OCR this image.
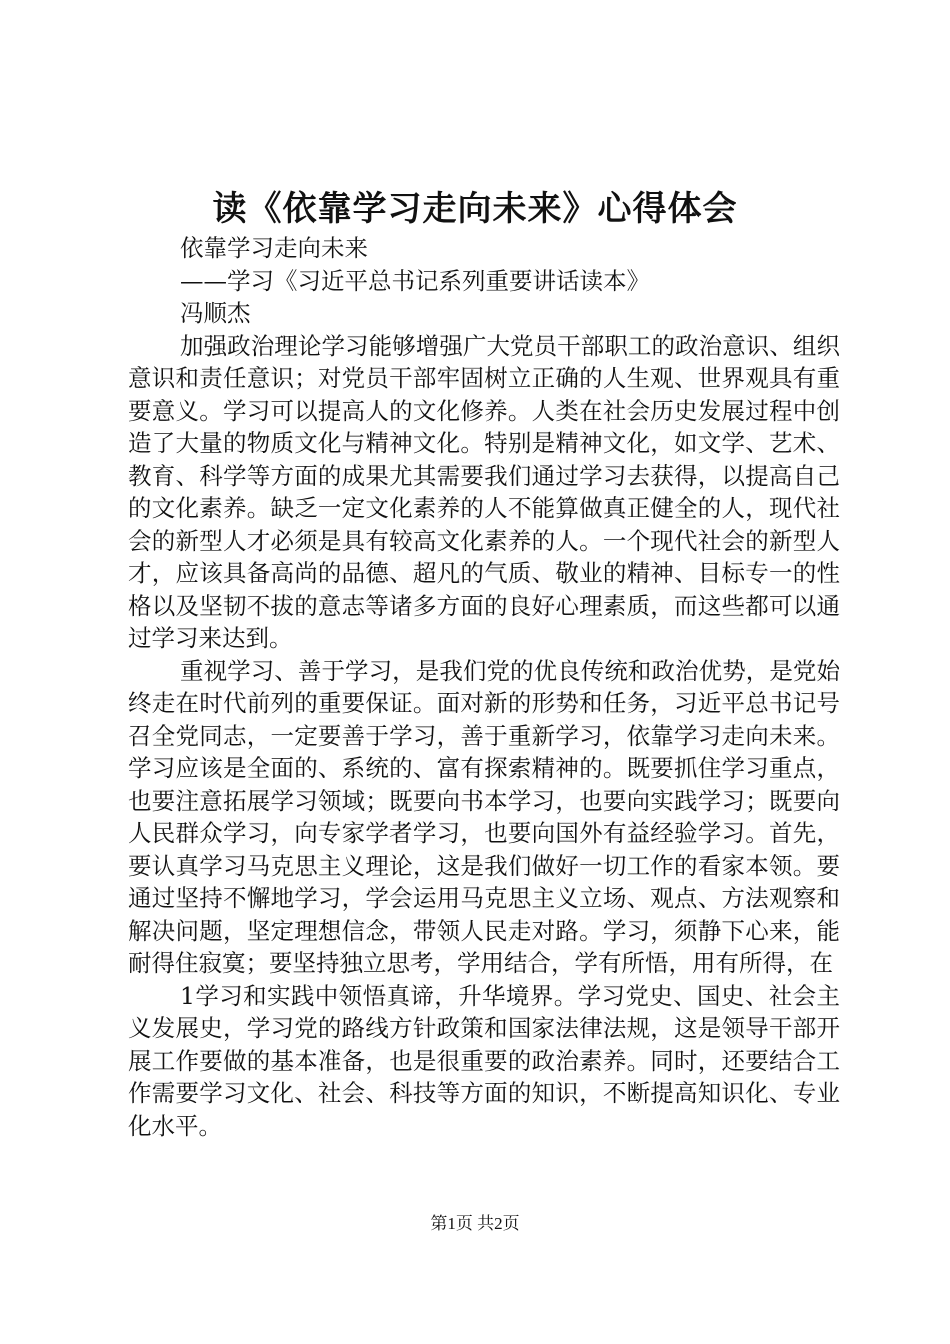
读《依靠学习走向未来》心得体会
依靠学习走向未来
——学习《习近平总书记系列重要讲话读本》
冯顺杰

加强政治理论学习能够增强广大党员干部职工的政治意识、组织意识和责任意识；对党员干部牢固树立正确的人生观、世界观具有重要意义。学习可以提高人的文化修养。人类在社会历史发展过程中创造了大量的物质文化与精神文化。特别是精神文化，如文学、艺术、教育、科学等方面的成果尤其需要我们通过学习去获得，以提高自己的文化素养。缺乏一定文化素养的人不能算做真正健全的人，现代社会的新型人才必须是具有较高文化素养的人。一个现代社会的新型人才，应该具备高尚的品德、超凡的气质、敬业的精神、目标专一的性格以及坚韧不拔的意志等诸多方面的良好心理素质，而这些都可以通过学习来达到。

重视学习、善于学习，是我们党的优良传统和政治优势，是党始终走在时代前列的重要保证。面对新的形势和任务，习近平总书记号召全党同志，一定要善于学习，善于重新学习，依靠学习走向未来。学习应该是全面的、系统的、富有探索精神的。既要抓住学习重点，也要注意拓展学习领域；既要向书本学习，也要向实践学习；既要向人民群众学习，向专家学者学习，也要向国外有益经验学习。首先，要认真学习马克思主义理论，这是我们做好一切工作的看家本领。要通过坚持不懈地学习，学会运用马克思主义立场、观点、方法观察和解决问题，坚定理想信念，带领人民走对路。学习，须静下心来，能耐得住寂寞；要坚持独立思考，学用结合，学有所悟，用有所得，在

1学习和实践中领悟真谛，升华境界。学习党史、国史、社会主义发展史，学习党的路线方针政策和国家法律法规，这是领导干部开展工作要做的基本准备，也是很重要的政治素养。同时，还要结合工作需要学习文化、社会、科技等方面的知识，不断提高知识化、专业化水平。

第1页 共2页
